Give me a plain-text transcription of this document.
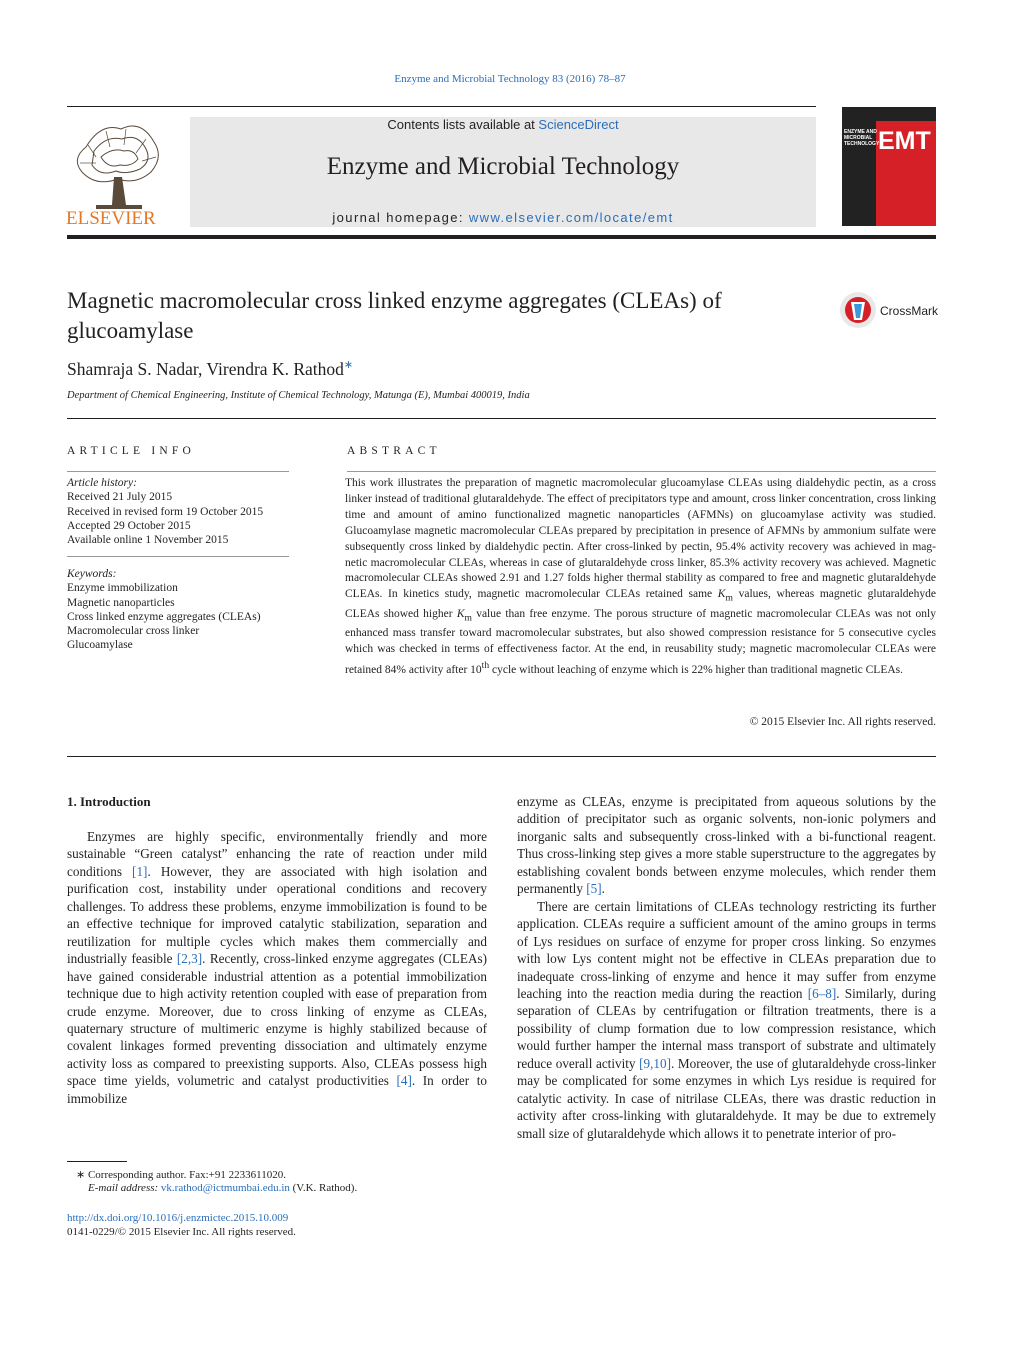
Enzyme and Microbial Technology 83 (2016) 78–87
ELSEVIER
Contents lists available at ScienceDirect
Enzyme and Microbial Technology
journal homepage: www.elsevier.com/locate/emt
ENZYME AND MICROBIAL TECHNOLOGY
EMT
Magnetic macromolecular cross linked enzyme aggregates (CLEAs) of glucoamylase
CrossMark
Shamraja S. Nadar, Virendra K. Rathod∗
Department of Chemical Engineering, Institute of Chemical Technology, Matunga (E), Mumbai 400019, India
ARTICLE INFO
Article history:
Received 21 July 2015
Received in revised form 19 October 2015
Accepted 29 October 2015
Available online 1 November 2015
Keywords:
Enzyme immobilization
Magnetic nanoparticles
Cross linked enzyme aggregates (CLEAs)
Macromolecular cross linker
Glucoamylase
ABSTRACT
This work illustrates the preparation of magnetic macromolecular glucoamylase CLEAs using dialdehydic pectin, as a cross linker instead of traditional glutaraldehyde. The effect of precipitators type and amount, cross linker concentration, cross linking time and amount of amino functionalized magnetic nanoparticles (AFMNs) on glucoamylase activity was studied. Glucoamylase magnetic macromolecular CLEAs prepared by precipitation in presence of AFMNs by ammonium sulfate were subsequently cross linked by dialdehydic pectin. After cross-linked by pectin, 95.4% activity recovery was achieved in magnetic macromolecular CLEAs, whereas in case of glutaraldehyde cross linker, 85.3% activity recovery was achieved. Magnetic macromolecular CLEAs showed 2.91 and 1.27 folds higher thermal stability as compared to free and magnetic glutaraldehyde CLEAs. In kinetics study, magnetic macromolecular CLEAs retained same $K_m$ values, whereas magnetic glutaraldehyde CLEAs showed higher $K_m$ value than free enzyme. The porous structure of magnetic macromolecular CLEAs was not only enhanced mass transfer toward macromolecular substrates, but also showed compression resistance for 5 consecutive cycles which was checked in terms of effectiveness factor. At the end, in reusability study; magnetic macromolecular CLEAs were retained 84% activity after 10th cycle without leaching of enzyme which is 22% higher than traditional magnetic CLEAs.
© 2015 Elsevier Inc. All rights reserved.
1. Introduction

Enzymes are highly specific, environmentally friendly and more sustainable “Green catalyst” enhancing the rate of reaction under mild conditions [1]. However, they are associated with high isolation and purification cost, instability under operational conditions and recovery challenges. To address these problems, enzyme immobilization is found to be an effective technique for improved catalytic stabilization, separation and reutilization for multiple cycles which makes them commercially and industrially feasible [2,3]. Recently, cross-linked enzyme aggregates (CLEAs) have gained considerable industrial attention as a potential immobilization technique due to high activity retention coupled with ease of preparation from crude enzyme. Moreover, due to cross linking of enzyme as CLEAs, quaternary structure of multimeric enzyme is highly stabilized because of covalent linkages formed preventing dissociation and ultimately enzyme activity loss as compared to preexisting supports. Also, CLEAs possess high space time yields, volumetric and catalyst productivities [4]. In order to immobilize

enzyme as CLEAs, enzyme is precipitated from aqueous solutions by the addition of precipitator such as organic solvents, non-ionic polymers and inorganic salts and subsequently cross-linked with a bi-functional reagent. Thus cross-linking step gives a more stable superstructure to the aggregates by establishing covalent bonds between enzyme molecules, which render them permanently [5].

There are certain limitations of CLEAs technology restricting its further application. CLEAs require a sufficient amount of the amino groups in terms of Lys residues on surface of enzyme for proper cross linking. So enzymes with low Lys content might not be effective in CLEAs preparation due to inadequate cross-linking of enzyme and hence it may suffer from enzyme leaching into the reaction media during the reaction [6–8]. Similarly, during separation of CLEAs by centrifugation or filtration treatments, there is a possibility of clump formation due to low compression resistance, which would further hamper the internal mass transport of substrate and ultimately reduce overall activity [9,10]. Moreover, the use of glutaraldehyde cross-linker may be complicated for some enzymes in which Lys residue is required for catalytic activity. In case of nitrilase CLEAs, there was drastic reduction in activity after cross-linking with glutaraldehyde. It may be due to extremely small size of glutaraldehyde which allows it to penetrate interior of pro-

∗ Corresponding author. Fax:+91 2233611020.
E-mail address: vk.rathod@ictmumbai.edu.in (V.K. Rathod).
http://dx.doi.org/10.1016/j.enzmictec.2015.10.009
0141-0229/© 2015 Elsevier Inc. All rights reserved.
